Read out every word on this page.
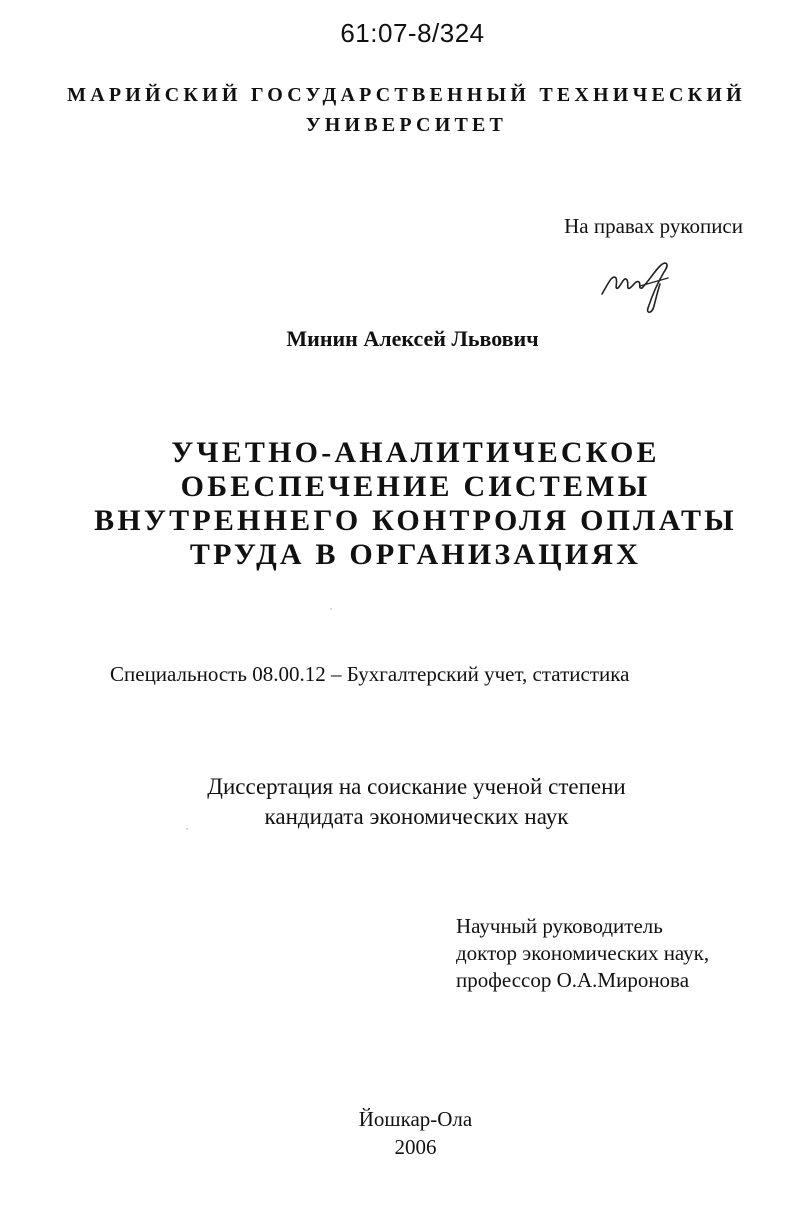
61:07-8/324
МАРИЙСКИЙ ГОСУДАРСТВЕННЫЙ ТЕХНИЧЕСКИЙ
УНИВЕРСИТЕТ
На правах рукописи
Минин Алексей Львович
УЧЕТНО-АНАЛИТИЧЕСКОЕ
ОБЕСПЕЧЕНИЕ СИСТЕМЫ
ВНУТРЕННЕГО КОНТРОЛЯ ОПЛАТЫ
ТРУДА В ОРГАНИЗАЦИЯХ
Специальность 08.00.12 – Бухгалтерский учет, статистика
Диссертация на соискание ученой степени
кандидата экономических наук
Научный руководитель
доктор экономических наук,
профессор О.А.Миронова
Йошкар-Ола
2006
